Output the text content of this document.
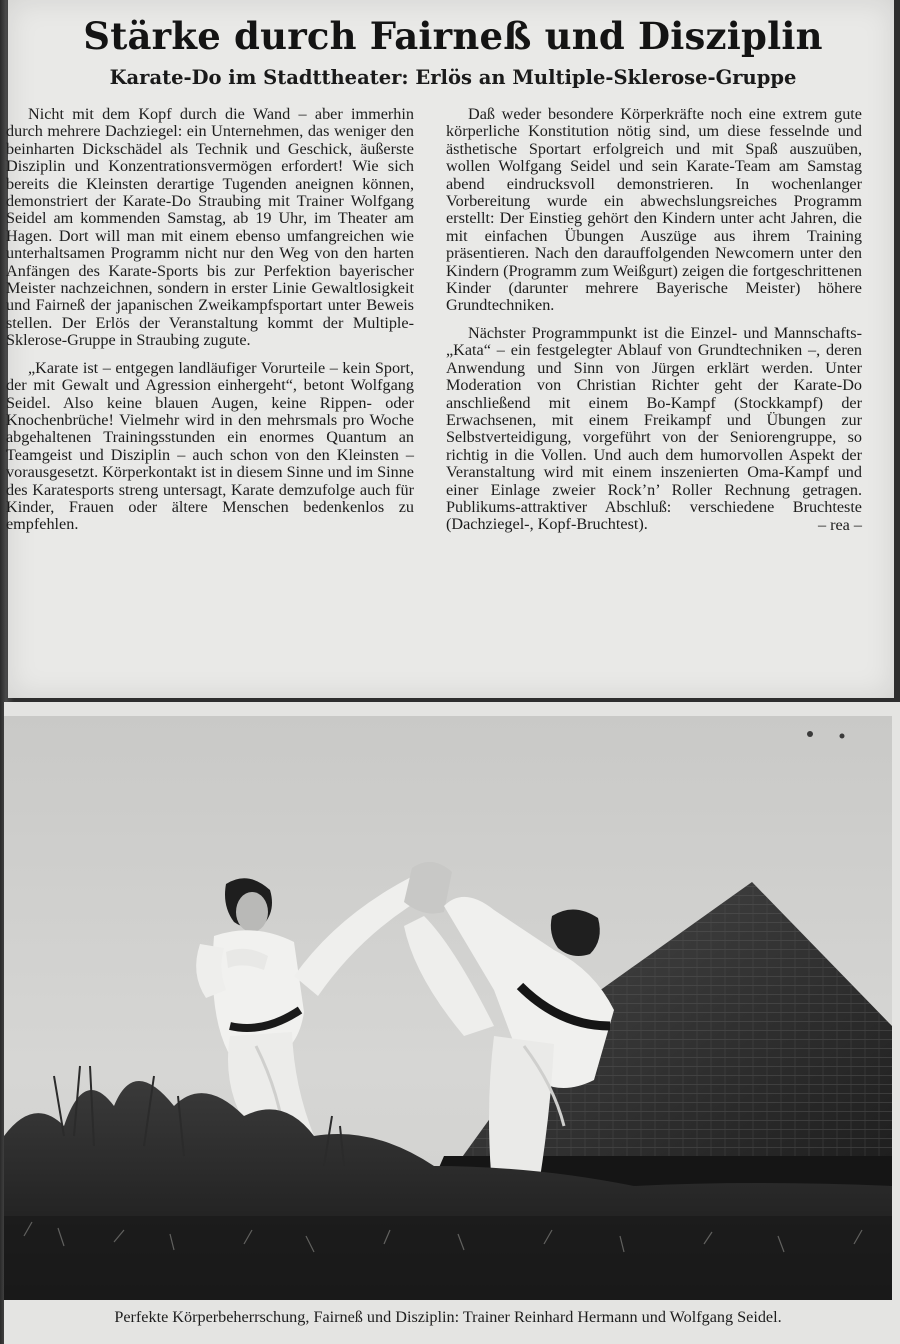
Stärke durch Fairneß und Disziplin
Karate-Do im Stadttheater: Erlös an Multiple-Sklerose-Gruppe

Nicht mit dem Kopf durch die Wand – aber immerhin durch mehrere Dachziegel: ein Unternehmen, das weniger den beinharten Dickschädel als Technik und Geschick, äußerste Disziplin und Konzentrationsvermögen erfordert! Wie sich bereits die Kleinsten derartige Tugenden aneignen können, demonstriert der Karate-Do Straubing mit Trainer Wolfgang Seidel am kommenden Samstag, ab 19 Uhr, im Theater am Hagen. Dort will man mit einem ebenso umfangreichen wie unterhaltsamen Programm nicht nur den Weg von den harten Anfängen des Karate-Sports bis zur Perfektion bayerischer Meister nachzeichnen, sondern in erster Linie Gewaltlosigkeit und Fairneß der japanischen Zweikampfsportart unter Beweis stellen. Der Erlös der Veranstaltung kommt der Multiple-Sklerose-Gruppe in Straubing zugute.

„Karate ist – entgegen landläufiger Vorurteile – kein Sport, der mit Gewalt und Agression einhergeht“, betont Wolfgang Seidel. Also keine blauen Augen, keine Rippen- oder Knochenbrüche! Vielmehr wird in den mehrsmals pro Woche abgehaltenen Trainingsstunden ein enormes Quantum an Teamgeist und Disziplin – auch schon von den Kleinsten – vorausgesetzt. Körperkontakt ist in diesem Sinne und im Sinne des Karatesports streng untersagt, Karate demzufolge auch für Kinder, Frauen oder ältere Menschen bedenkenlos zu empfehlen.

Daß weder besondere Körperkräfte noch eine extrem gute körperliche Konstitution nötig sind, um diese fesselnde und ästhetische Sportart erfolgreich und mit Spaß auszuüben, wollen Wolfgang Seidel und sein Karate-Team am Samstag abend eindrucksvoll demonstrieren. In wochenlanger Vorbereitung wurde ein abwechslungsreiches Programm erstellt: Der Einstieg gehört den Kindern unter acht Jahren, die mit einfachen Übungen Auszüge aus ihrem Training präsentieren. Nach den darauffolgenden Newcomern unter den Kindern (Programm zum Weißgurt) zeigen die fortgeschrittenen Kinder (darunter mehrere Bayerische Meister) höhere Grundtechniken.

Nächster Programmpunkt ist die Einzel- und Mannschafts-„Kata“ – ein festgelegter Ablauf von Grundtechniken –, deren Anwendung und Sinn von Jürgen erklärt werden. Unter Moderation von Christian Richter geht der Karate-Do anschließend mit einem Bo-Kampf (Stockkampf) der Erwachsenen, mit einem Freikampf und Übungen zur Selbstverteidigung, vorgeführt von der Seniorengruppe, so richtig in die Vollen. Und auch dem humorvollen Aspekt der Veranstaltung wird mit einem inszenierten Oma-Kampf und einer Einlage zweier Rock’n’ Roller Rechnung getragen. Publikums-attraktiver Abschluß: verschiedene Bruchteste (Dachziegel-, Kopf-Bruchtest).	– rea –
Perfekte Körperbeherrschung, Fairneß und Disziplin: Trainer Reinhard Hermann und Wolfgang Seidel.
